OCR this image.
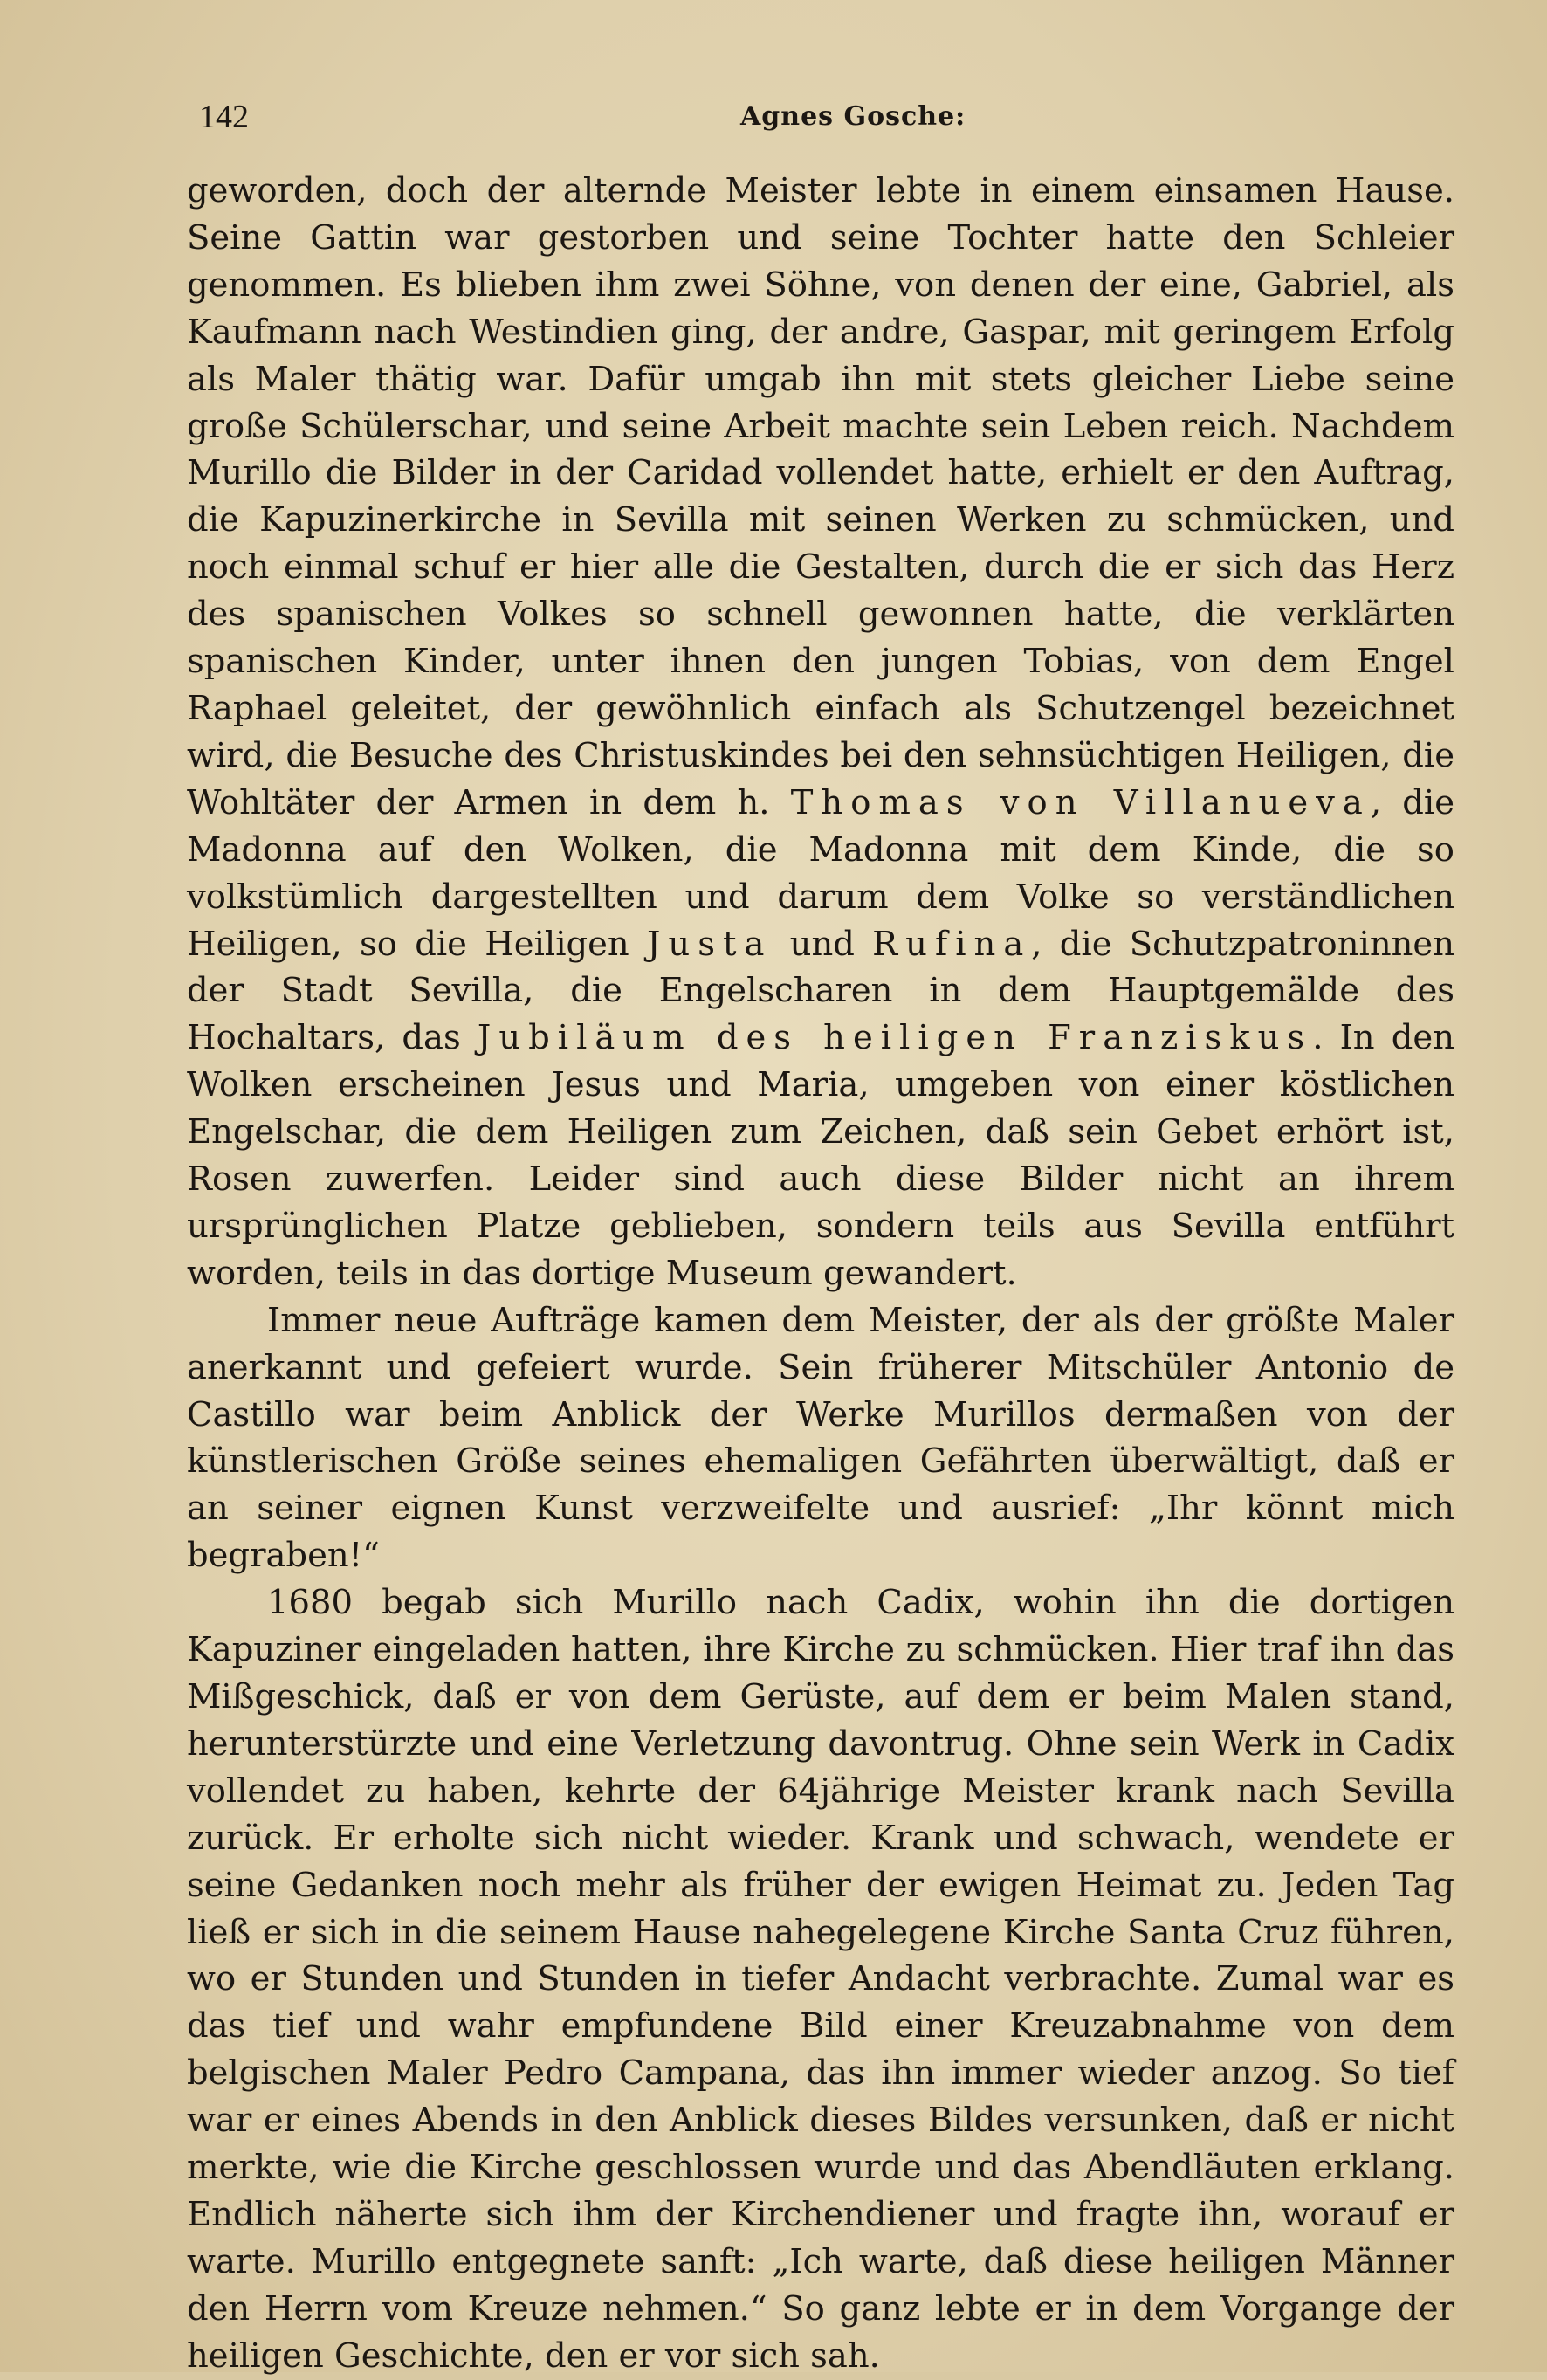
142	Agnes Gosche:

geworden, doch der alternde Meister lebte in einem einsamen Hause. Seine Gattin war gestorben und seine Tochter hatte den Schleier genommen. Es blieben ihm zwei Söhne, von denen der eine, Gabriel, als Kaufmann nach Westindien ging, der andre, Gaspar, mit geringem Erfolg als Maler thätig war. Dafür umgab ihn mit stets gleicher Liebe seine große Schülerschar, und seine Arbeit machte sein Leben reich. Nachdem Murillo die Bilder in der Caridad vollendet hatte, erhielt er den Auftrag, die Kapuzinerkirche in Sevilla mit seinen Werken zu schmücken, und noch einmal schuf er hier alle die Gestalten, durch die er sich das Herz des spanischen Volkes so schnell gewonnen hatte, die verklärten spanischen Kinder, unter ihnen den jungen Tobias, von dem Engel Raphael geleitet, der gewöhnlich einfach als Schutzengel bezeichnet wird, die Besuche des Christuskindes bei den sehnsüchtigen Heiligen, die Wohltäter der Armen in dem h. Thomas von Villanueva, die Madonna auf den Wolken, die Madonna mit dem Kinde, die so volkstümlich dargestellten und darum dem Volke so verständlichen Heiligen, so die Heiligen Justa und Rufina, die Schutzpatroninnen der Stadt Sevilla, die Engelscharen in dem Hauptgemälde des Hochaltars, das Jubiläum des heiligen Franziskus. In den Wolken erscheinen Jesus und Maria, umgeben von einer köstlichen Engelschar, die dem Heiligen zum Zeichen, daß sein Gebet erhört ist, Rosen zuwerfen. Leider sind auch diese Bilder nicht an ihrem ursprünglichen Platze geblieben, sondern teils aus Sevilla entführt worden, teils in das dortige Museum gewandert.

Immer neue Aufträge kamen dem Meister, der als der größte Maler anerkannt und gefeiert wurde. Sein früherer Mitschüler Antonio de Castillo war beim Anblick der Werke Murillos dermaßen von der künstlerischen Größe seines ehemaligen Gefährten überwältigt, daß er an seiner eignen Kunst verzweifelte und ausrief: „Ihr könnt mich begraben!“

1680 begab sich Murillo nach Cadix, wohin ihn die dortigen Kapuziner eingeladen hatten, ihre Kirche zu schmücken. Hier traf ihn das Mißgeschick, daß er von dem Gerüste, auf dem er beim Malen stand, herunterstürzte und eine Verletzung davontrug. Ohne sein Werk in Cadix vollendet zu haben, kehrte der 64jährige Meister krank nach Sevilla zurück. Er erholte sich nicht wieder. Krank und schwach, wendete er seine Gedanken noch mehr als früher der ewigen Heimat zu. Jeden Tag ließ er sich in die seinem Hause nahegelegene Kirche Santa Cruz führen, wo er Stunden und Stunden in tiefer Andacht verbrachte. Zumal war es das tief und wahr empfundene Bild einer Kreuzabnahme von dem belgischen Maler Pedro Campana, das ihn immer wieder anzog. So tief war er eines Abends in den Anblick dieses Bildes versunken, daß er nicht merkte, wie die Kirche geschlossen wurde und das Abendläuten erklang. Endlich näherte sich ihm der Kirchendiener und fragte ihn, worauf er warte. Murillo entgegnete sanft: „Ich warte, daß diese heiligen Männer den Herrn vom Kreuze nehmen.“ So ganz lebte er in dem Vorgange der heiligen Geschichte, den er vor sich sah.
